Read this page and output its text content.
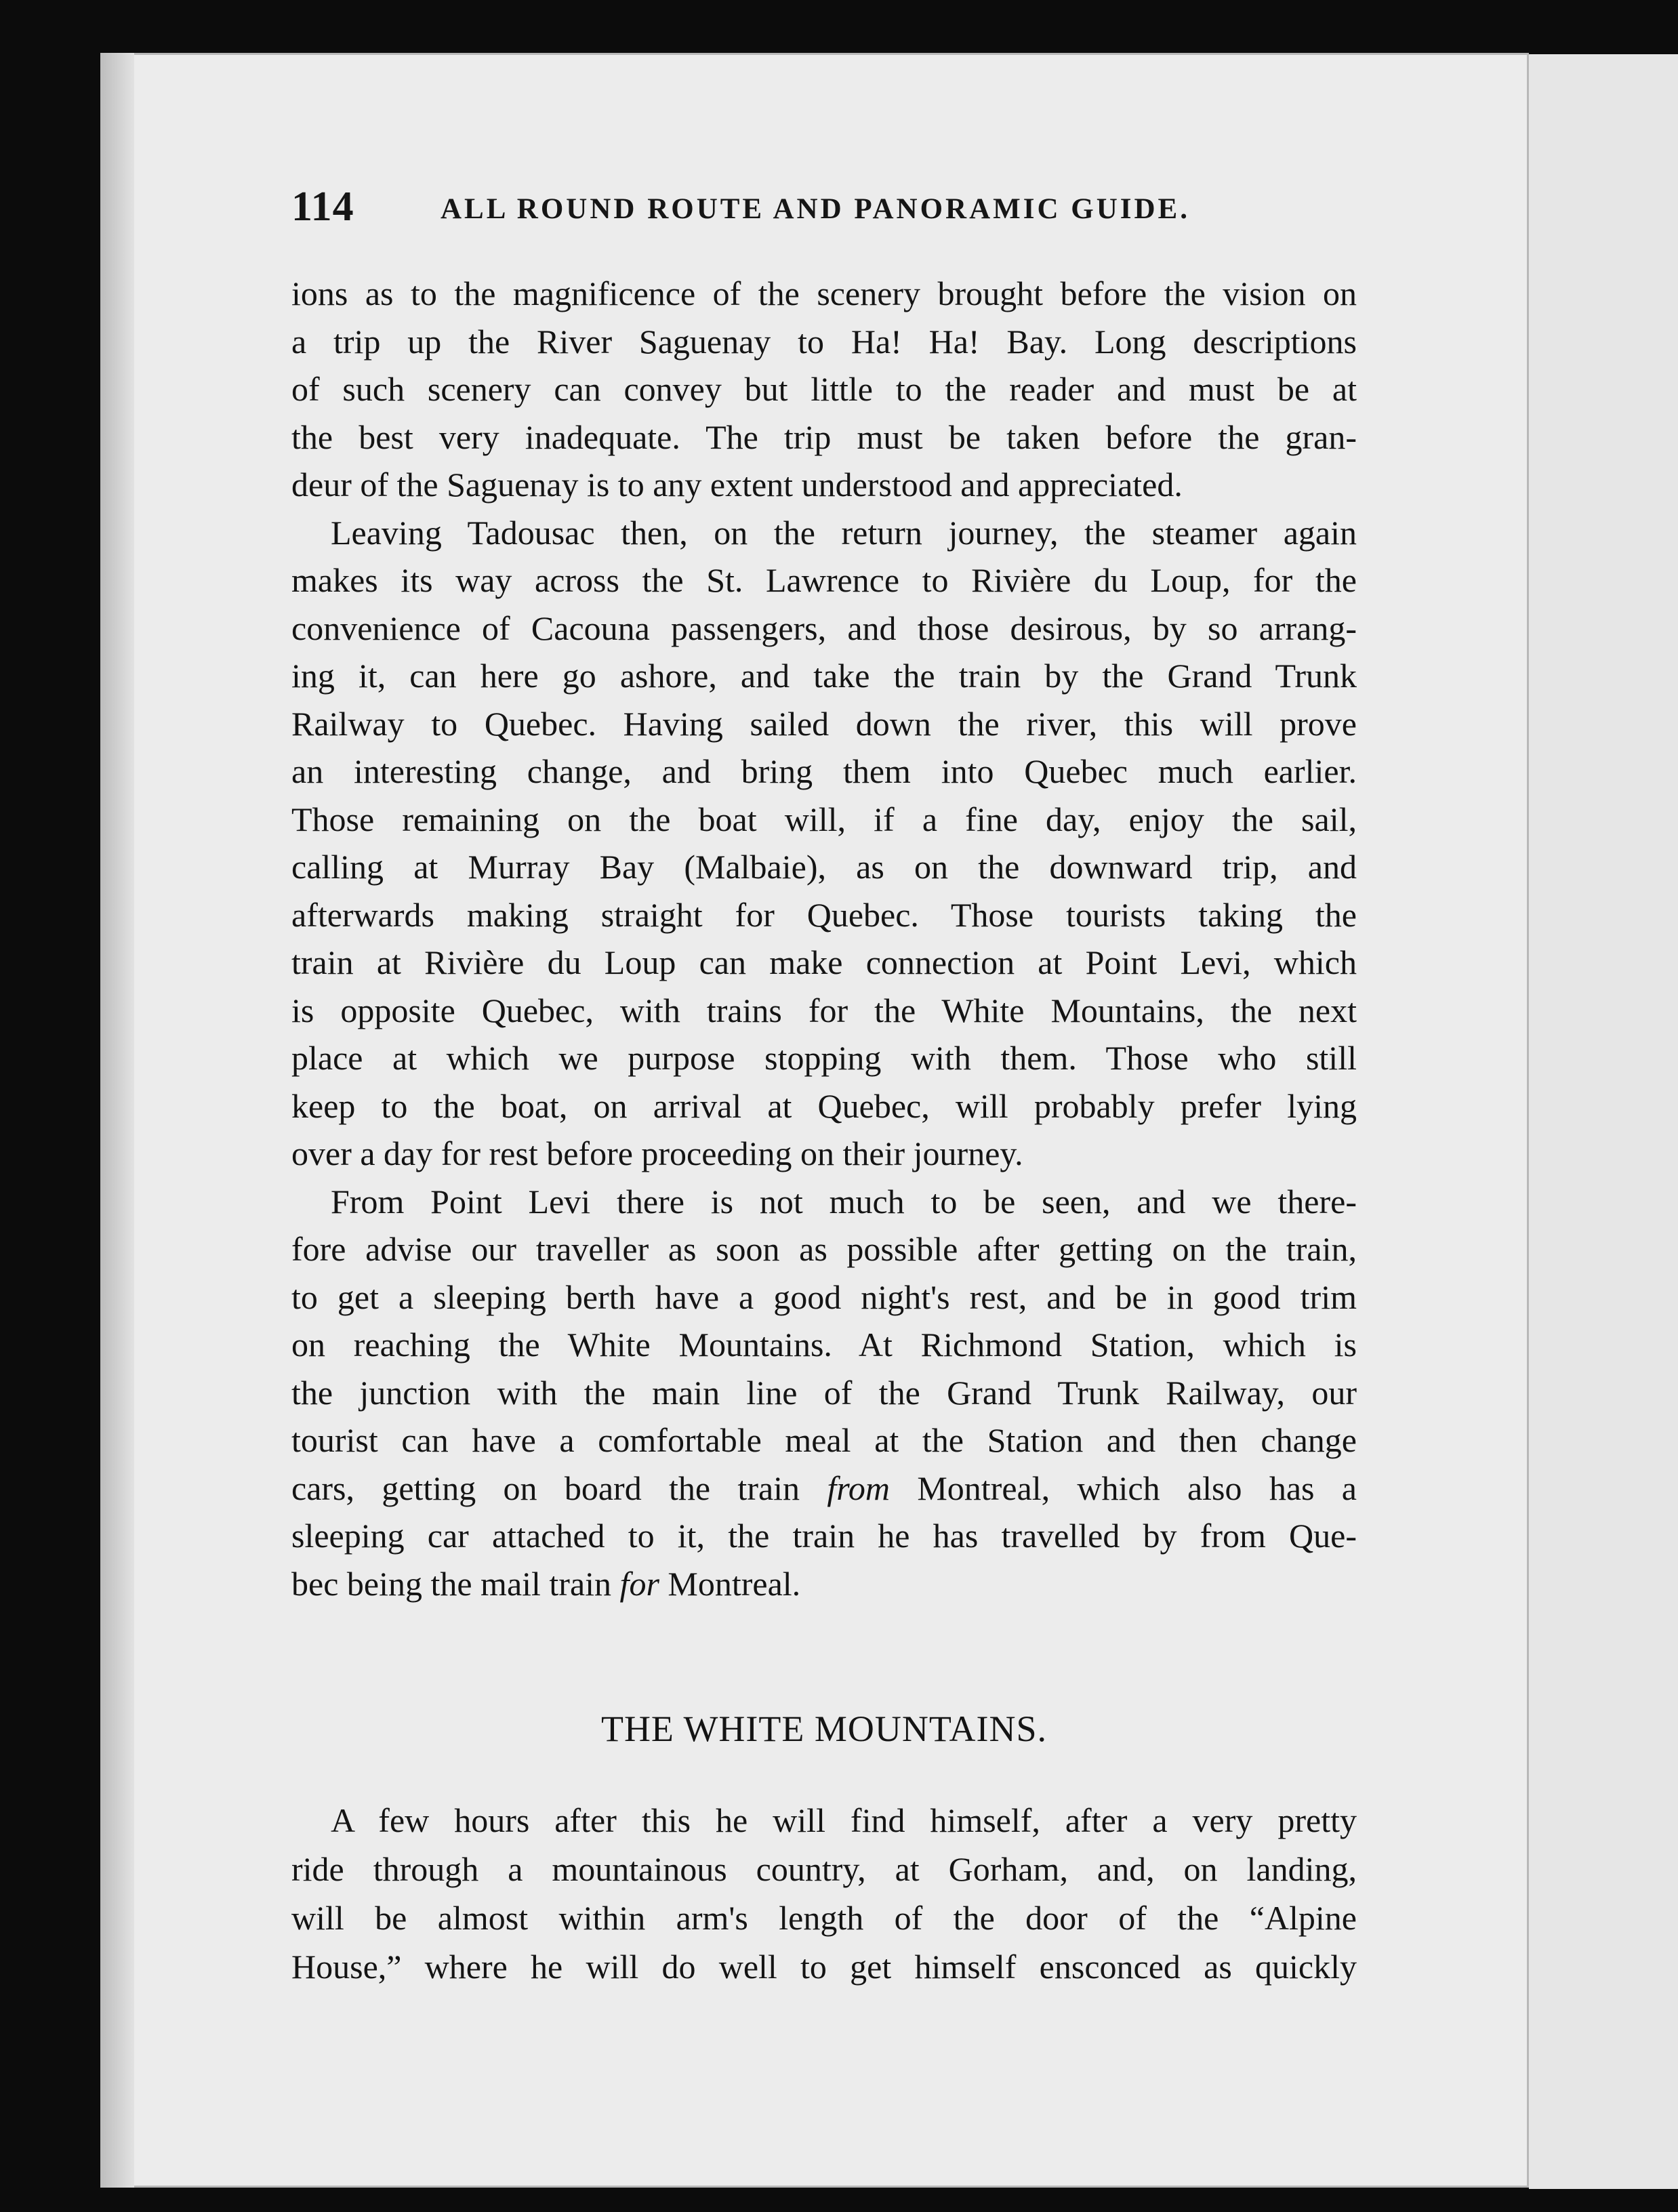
114	ALL ROUND ROUTE AND PANORAMIC GUIDE.
ions as to the magnificence of the scenery brought before the vision on
a trip up the River Saguenay to Ha! Ha! Bay. Long descriptions
of such scenery can convey but little to the reader and must be at
the best very inadequate. The trip must be taken before the gran-
deur of the Saguenay is to any extent understood and appreciated.
Leaving Tadousac then, on the return journey, the steamer again
makes its way across the St. Lawrence to Rivière du Loup, for the
convenience of Cacouna passengers, and those desirous, by so arrang-
ing it, can here go ashore, and take the train by the Grand Trunk
Railway to Quebec. Having sailed down the river, this will prove
an interesting change, and bring them into Quebec much earlier.
Those remaining on the boat will, if a fine day, enjoy the sail,
calling at Murray Bay (Malbaie), as on the downward trip, and
afterwards making straight for Quebec. Those tourists taking the
train at Rivière du Loup can make connection at Point Levi, which
is opposite Quebec, with trains for the White Mountains, the next
place at which we purpose stopping with them. Those who still
keep to the boat, on arrival at Quebec, will probably prefer lying
over a day for rest before proceeding on their journey.
From Point Levi there is not much to be seen, and we there-
fore advise our traveller as soon as possible after getting on the train,
to get a sleeping berth have a good night's rest, and be in good trim
on reaching the White Mountains. At Richmond Station, which is
the junction with the main line of the Grand Trunk Railway, our
tourist can have a comfortable meal at the Station and then change
cars, getting on board the train from Montreal, which also has a
sleeping car attached to it, the train he has travelled by from Que-
bec being the mail train for Montreal.
THE WHITE MOUNTAINS.
A few hours after this he will find himself, after a very pretty
ride through a mountainous country, at Gorham, and, on landing,
will be almost within arm's length of the door of the “Alpine
House,” where he will do well to get himself ensconced as quickly
